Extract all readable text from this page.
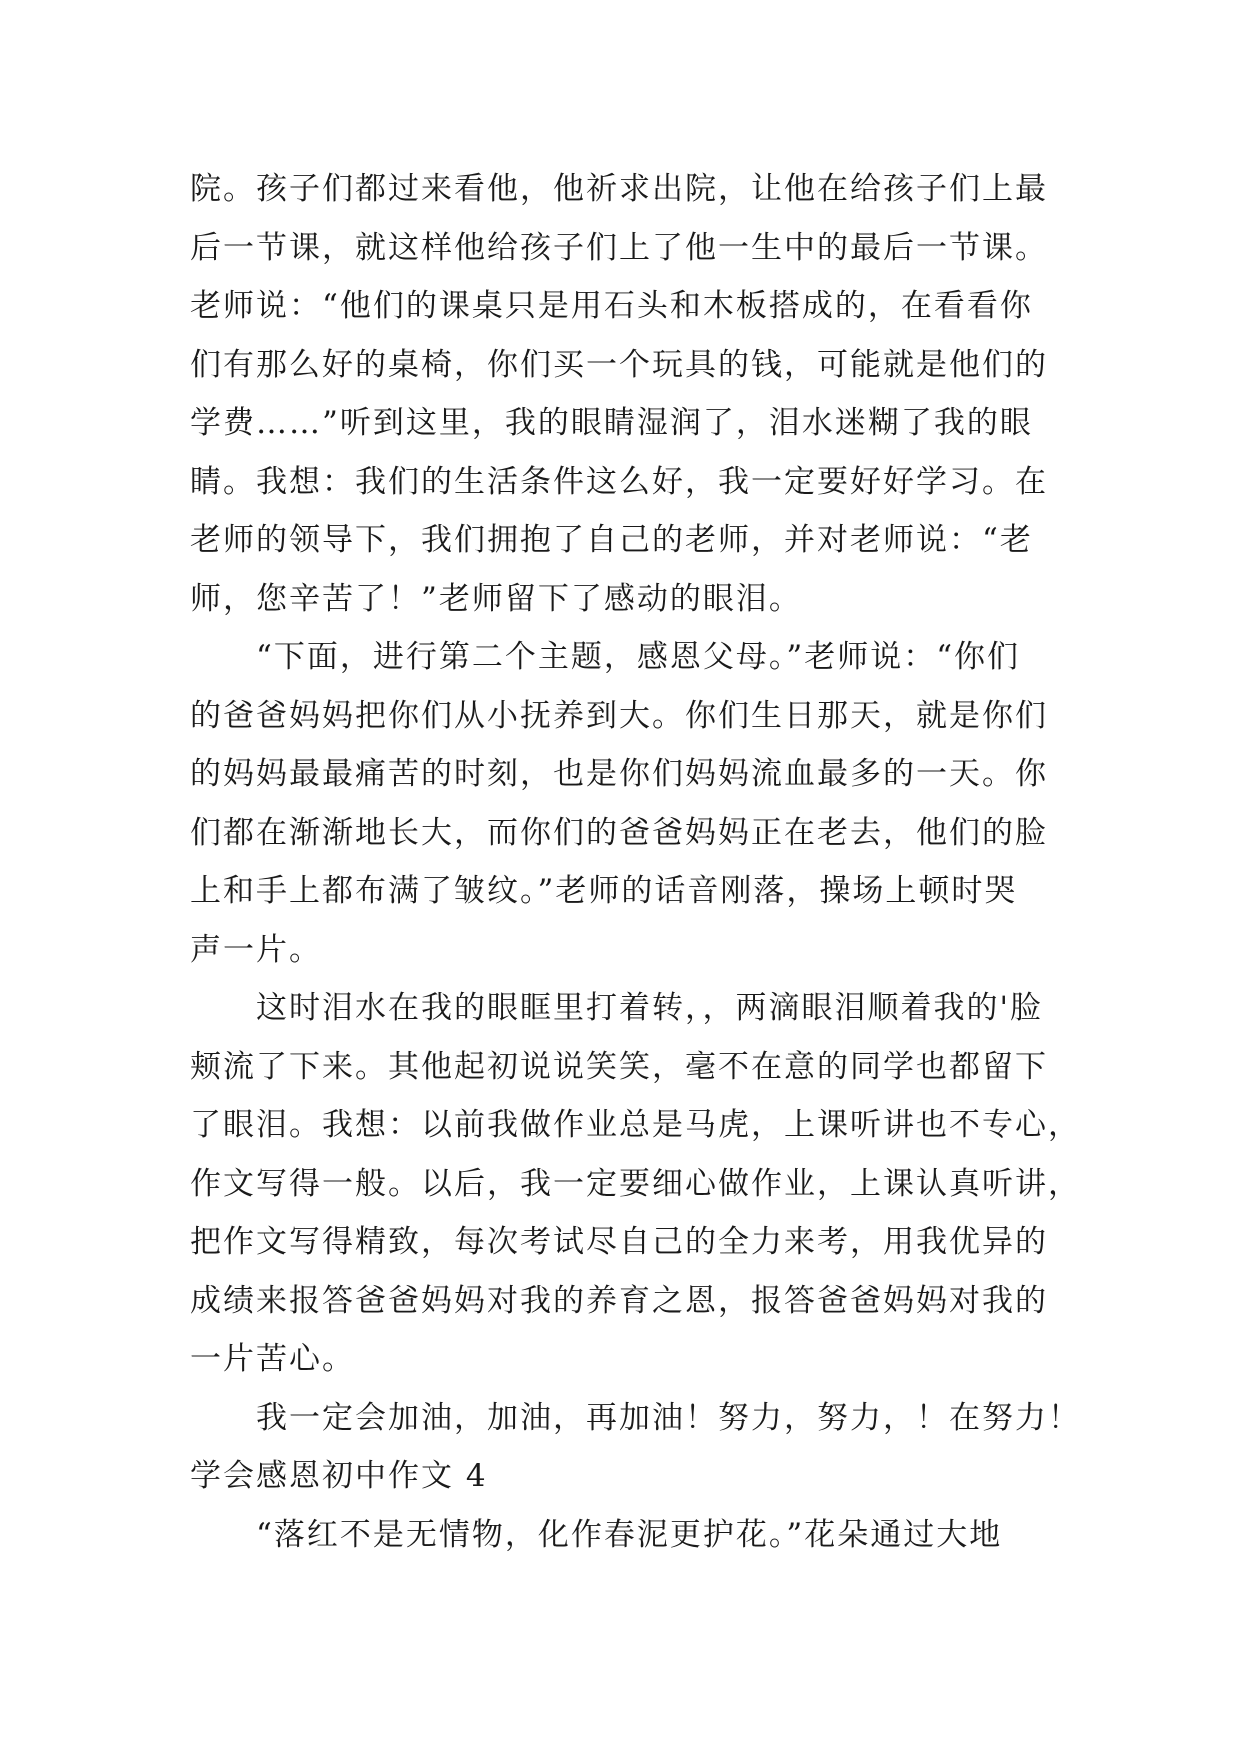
院。孩子们都过来看他，他祈求出院，让他在给孩子们上最
后一节课，就这样他给孩子们上了他一生中的最后一节课。
老师说：“他们的课桌只是用石头和木板搭成的，在看看你
们有那么好的桌椅，你们买一个玩具的钱，可能就是他们的
学费……”听到这里，我的眼睛湿润了，泪水迷糊了我的眼
睛。我想：我们的生活条件这么好，我一定要好好学习。在
老师的领导下，我们拥抱了自己的老师，并对老师说：“老
师，您辛苦了！”老师留下了感动的眼泪。
　　“下面，进行第二个主题，感恩父母。”老师说：“你们
的爸爸妈妈把你们从小抚养到大。你们生日那天，就是你们
的妈妈最最痛苦的时刻，也是你们妈妈流血最多的一天。你
们都在渐渐地长大，而你们的爸爸妈妈正在老去，他们的脸
上和手上都布满了皱纹。”老师的话音刚落，操场上顿时哭
声一片。
　　这时泪水在我的眼眶里打着转，，两滴眼泪顺着我的'脸
颊流了下来。其他起初说说笑笑，毫不在意的同学也都留下
了眼泪。我想：以前我做作业总是马虎，上课听讲也不专心，
作文写得一般。以后，我一定要细心做作业，上课认真听讲，
把作文写得精致，每次考试尽自己的全力来考，用我优异的
成绩来报答爸爸妈妈对我的养育之恩，报答爸爸妈妈对我的
一片苦心。
　　我一定会加油，加油，再加油！努力，努力，！在努力！
学会感恩初中作文 4
　　“落红不是无情物，化作春泥更护花。”花朵通过大地
